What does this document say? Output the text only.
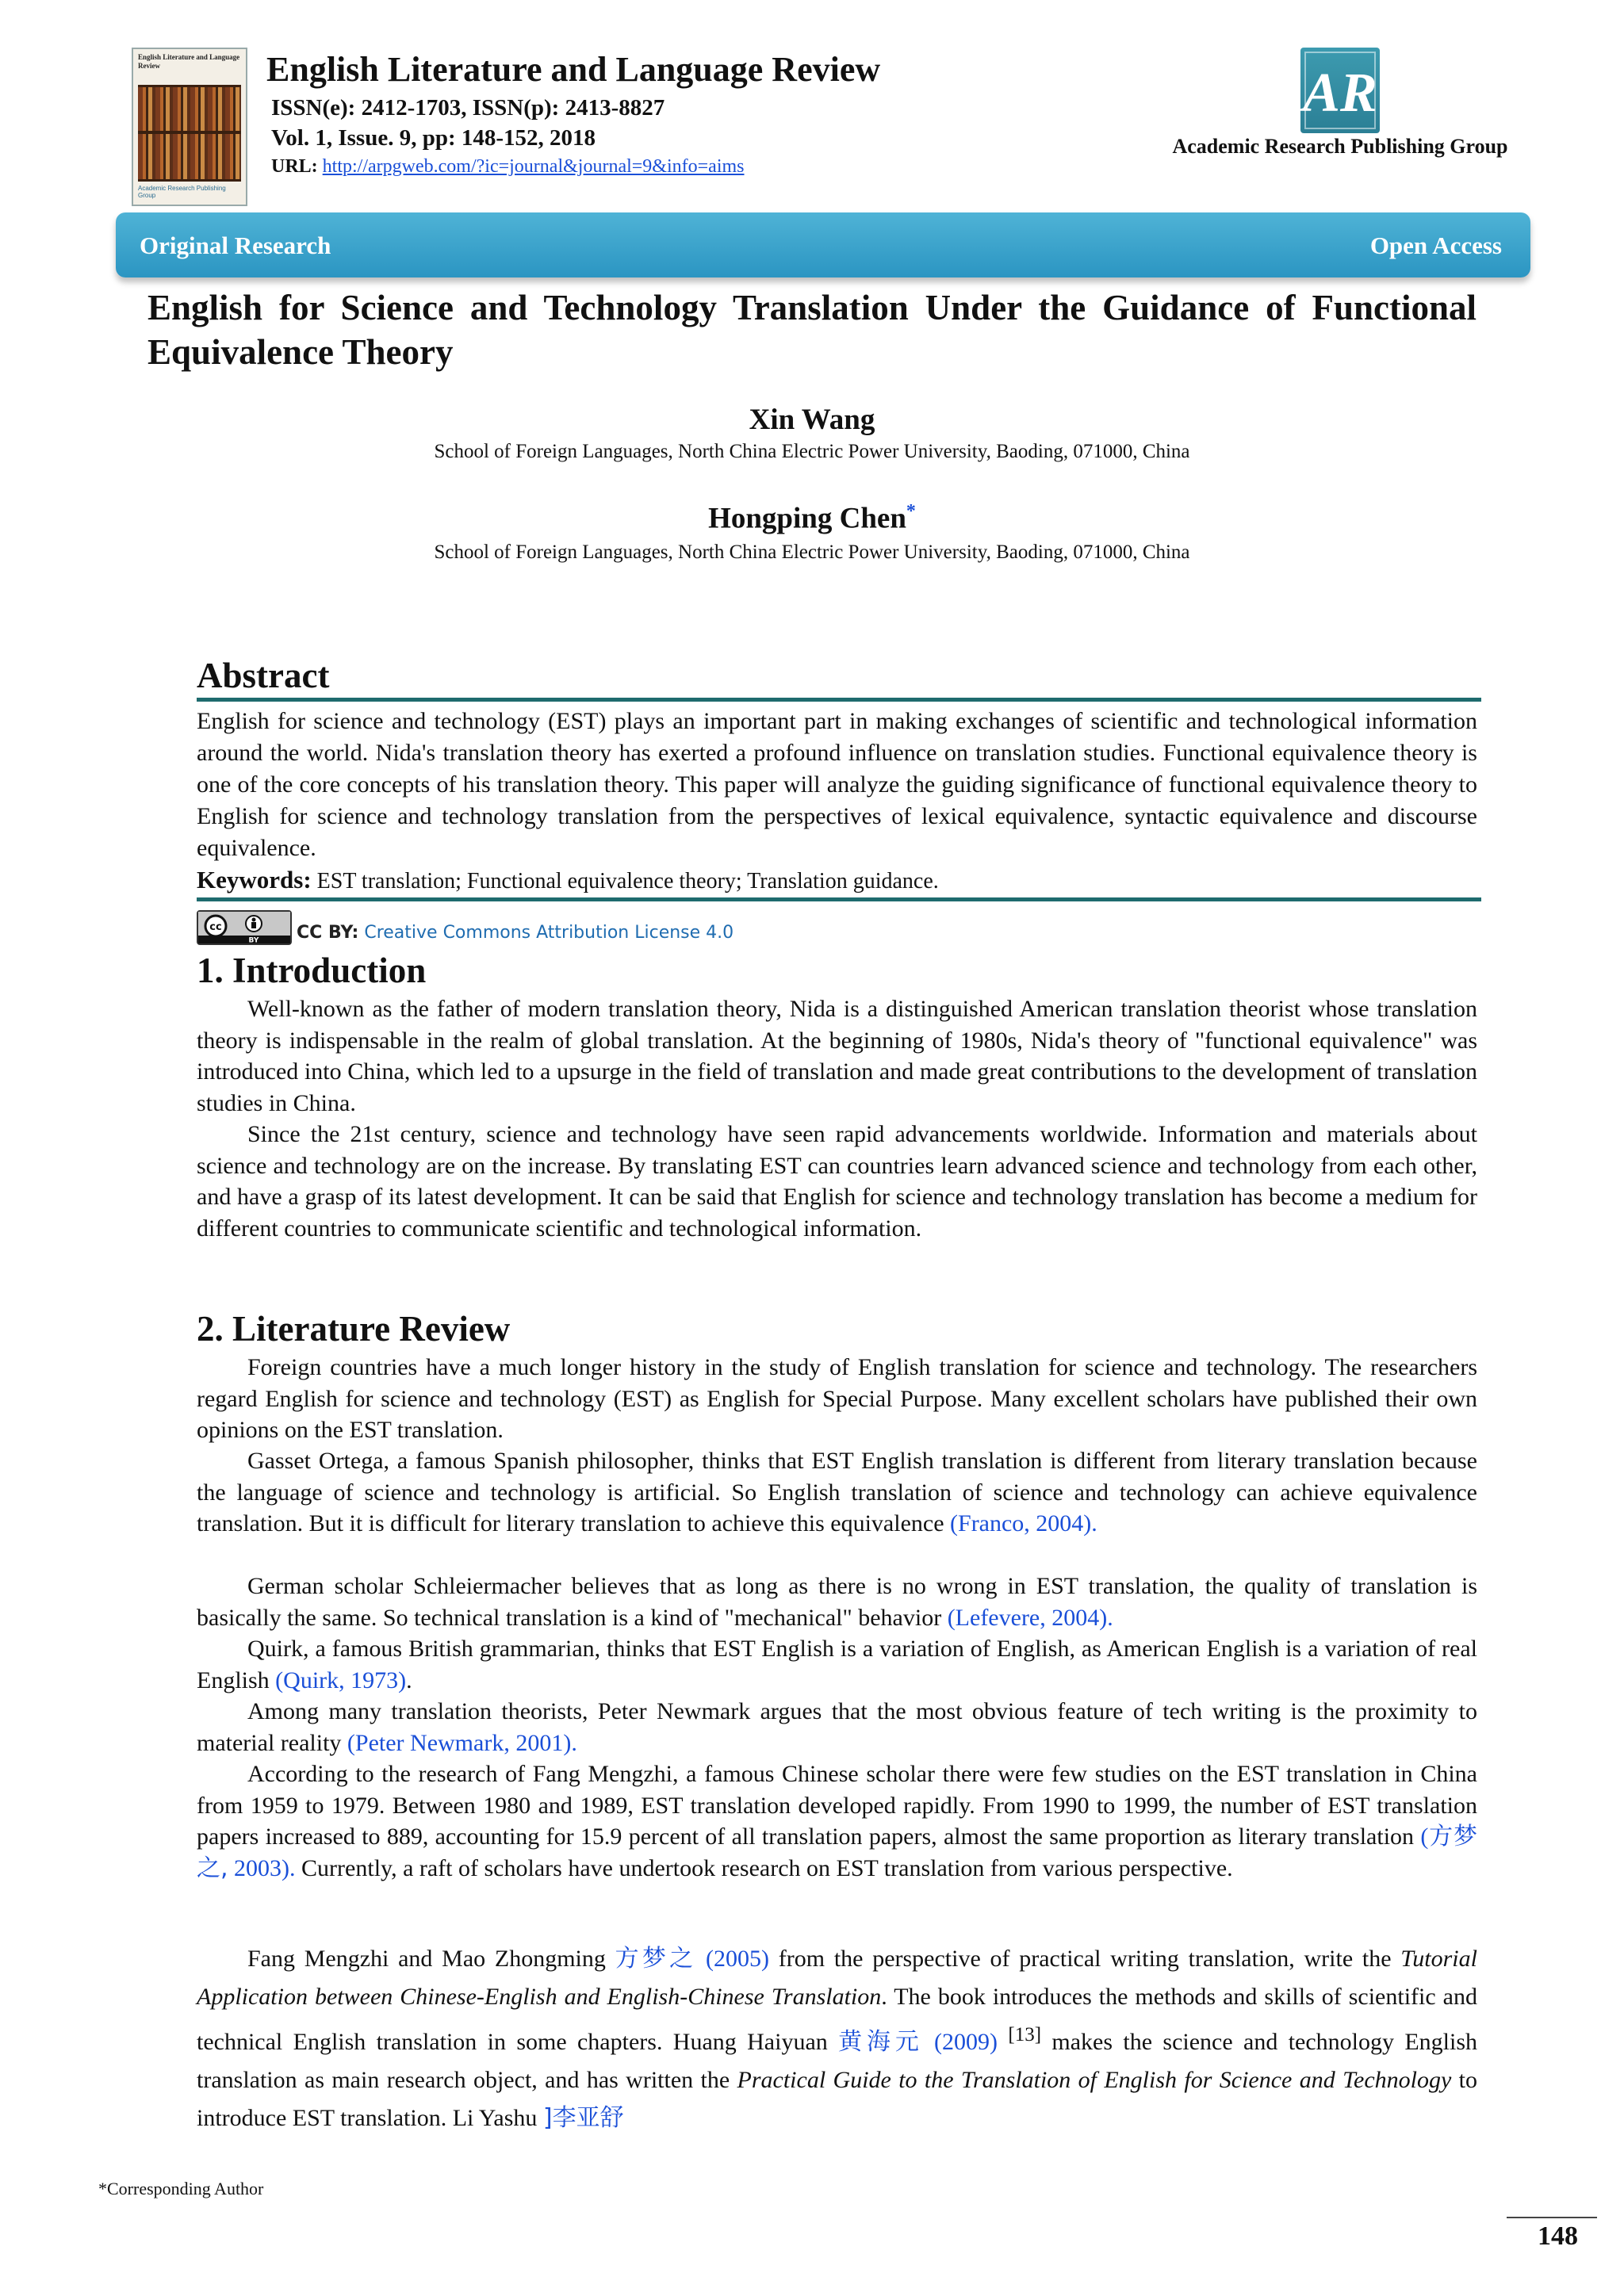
English Literature and Language Review
Academic Research Publishing Group
English Literature and Language Review
ISSN(e): 2412-1703, ISSN(p): 2413-8827
Vol. 1, Issue. 9, pp: 148-152, 2018
URL: http://arpgweb.com/?ic=journal&journal=9&info=aims
AR
Academic Research Publishing Group
Original Research	Open Access
English for Science and Technology Translation Under the Guidance of Functional Equivalence Theory
Xin Wang
School of Foreign Languages, North China Electric Power University, Baoding, 071000, China
Hongping Chen*
School of Foreign Languages, North China Electric Power University, Baoding, 071000, China
Abstract
English for science and technology (EST) plays an important part in making exchanges of scientific and technological information around the world. Nida's translation theory has exerted a profound influence on translation studies. Functional equivalence theory is one of the core concepts of his translation theory. This paper will analyze the guiding significance of functional equivalence theory to English for science and technology translation from the perspectives of lexical equivalence, syntactic equivalence and discourse equivalence.
Keywords: EST translation; Functional equivalence theory; Translation guidance.
cc
BY CC BY: Creative Commons Attribution License 4.0
1. Introduction

Well-known as the father of modern translation theory, Nida is a distinguished American translation theorist whose translation theory is indispensable in the realm of global translation. At the beginning of 1980s, Nida's theory of "functional equivalence" was introduced into China, which led to a upsurge in the field of translation and made great contributions to the development of translation studies in China.

Since the 21st century, science and technology have seen rapid advancements worldwide. Information and materials about science and technology are on the increase. By translating EST can countries learn advanced science and technology from each other, and have a grasp of its latest development. It can be said that English for science and technology translation has become a medium for different countries to communicate scientific and technological information.

2. Literature Review

Foreign countries have a much longer history in the study of English translation for science and technology. The researchers regard English for science and technology (EST) as English for Special Purpose. Many excellent scholars have published their own opinions on the EST translation.

Gasset Ortega, a famous Spanish philosopher, thinks that EST English translation is different from literary translation because the language of science and technology is artificial. So English translation of science and technology can achieve equivalence translation. But it is difficult for literary translation to achieve this equivalence (Franco, 2004).

German scholar Schleiermacher believes that as long as there is no wrong in EST translation, the quality of translation is basically the same. So technical translation is a kind of "mechanical" behavior (Lefevere, 2004).

Quirk, a famous British grammarian, thinks that EST English is a variation of English, as American English is a variation of real English (Quirk, 1973).

Among many translation theorists, Peter Newmark argues that the most obvious feature of tech writing is the proximity to material reality (Peter Newmark, 2001).

According to the research of Fang Mengzhi, a famous Chinese scholar there were few studies on the EST translation in China from 1959 to 1979. Between 1980 and 1989, EST translation developed rapidly. From 1990 to 1999, the number of EST translation papers increased to 889, accounting for 15.9 percent of all translation papers, almost the same proportion as literary translation (方梦之, 2003). Currently, a raft of scholars have undertook research on EST translation from various perspective.

Fang Mengzhi and Mao Zhongming 方梦之 (2005) from the perspective of practical writing translation, write the Tutorial Application between Chinese-English and English-Chinese Translation. The book introduces the methods and skills of scientific and technical English translation in some chapters. Huang Haiyuan 黄海元 (2009) [13] makes the science and technology English translation as main research object, and has written the Practical Guide to the Translation of English for Science and Technology to introduce EST translation. Li Yashu ]李亚舒

*Corresponding Author
148
